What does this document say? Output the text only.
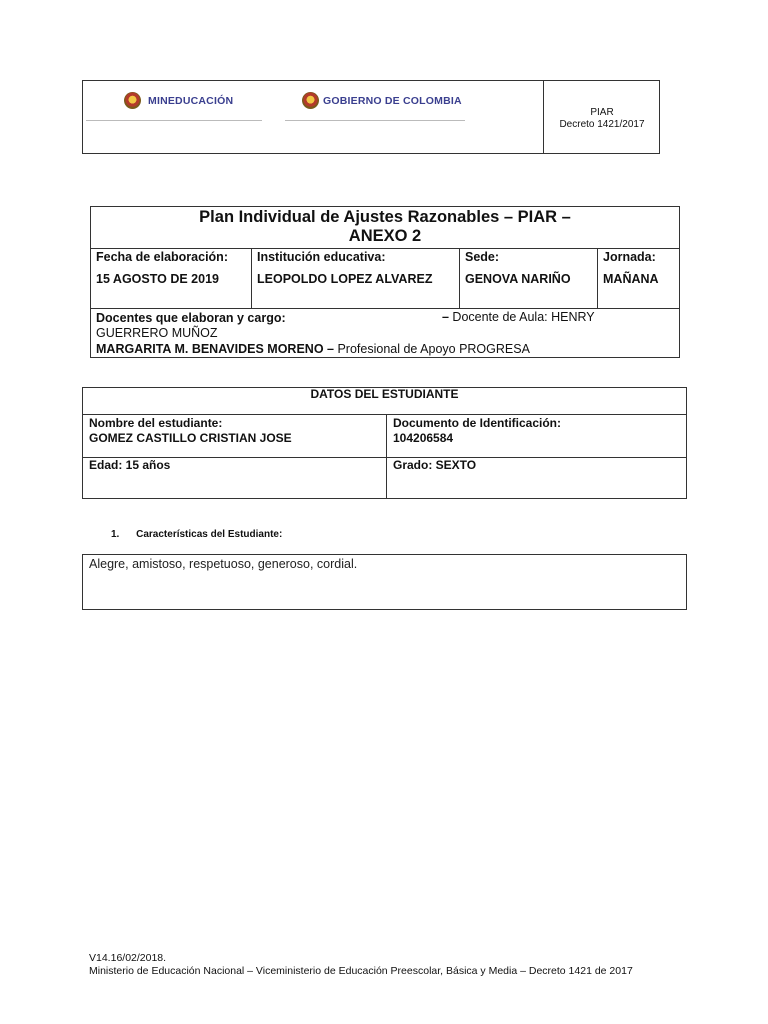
MINEDUCACIÓN	GOBIERNO DE COLOMBIA
PIAR
Decreto 1421/2017
Plan Individual de Ajustes Razonables – PIAR –
ANEXO 2
Fecha de elaboración:
15 AGOSTO DE 2019
Institución educativa:
LEOPOLDO LOPEZ ALVAREZ
Sede:
GENOVA NARIÑO
Jornada:
MAÑANA
Docentes que elaboran y cargo:	– Docente de Aula: HENRY
GUERRERO MUÑOZ
MARGARITA M. BENAVIDES MORENO – Profesional de Apoyo PROGRESA
DATOS DEL ESTUDIANTE
Nombre del estudiante:
GOMEZ CASTILLO CRISTIAN JOSE
Documento de Identificación:
104206584
Edad: 15 años	Grado: SEXTO
1. Características del Estudiante:
Alegre, amistoso, respetuoso, generoso, cordial.
V14.16/02/2018.
Ministerio de Educación Nacional – Viceministerio de Educación Preescolar, Básica y Media – Decreto 1421 de 2017
